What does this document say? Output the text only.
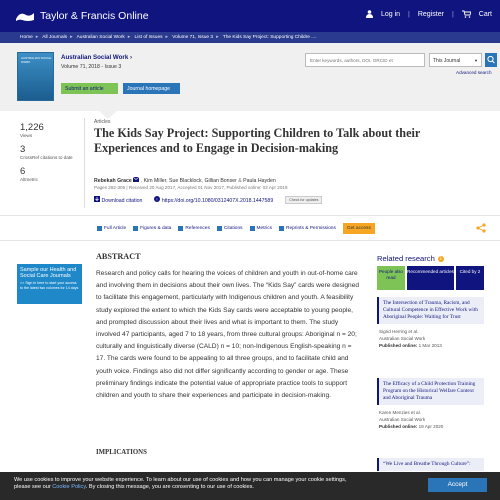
Taylor & Francis Online	Log in | Register |	Cart
Home ▸ All Journals ▸ Australian Social Work ▸ List of Issues ▸ Volume 71, Issue 3 ▸ The Kids Say Project: Supporting Childre ....
AUSTRALIAN SOCIAL WORK
Australian Social Work ›
Volume 71, 2018 - Issue 3
Submit an article	Journal homepage
Enter keywords, authors, DOI, ORCID et
This Journal	▼
Advanced search
1,226
Views
3
CrossRef citations to date
6
Altmetric
Articles
The Kids Say Project: Supporting Children to Talk about their Experiences and to Engage in Decision-making
Rebekah Grace , Kim Miller, Sue Blacklock, Gillian Bonser & Paula Hayden
Pages 282-305 | Received 20 Aug 2017, Accepted 01 Nov 2017, Published online: 02 Apr 2018
Download citation	i https://doi.org/10.1080/0312407X.2018.1447589	Check for updates
Full Article	Figures & data	References	Citations	Metrics	Reprints & Permissions	Get access
Sample our Health and Social Care Journals
>> Sign in here to start your access to the latest two volumes for 14 days
ABSTRACT
Research and policy calls for hearing the voices of children and youth in out-of-home care and involving them in decisions about their own lives. The “Kids Say” cards were designed to facilitate this engagement, particularly with Indigenous children and youth. A feasibility study explored the extent to which the Kids Say cards were acceptable to young people, and prompted discussion about their lives and what is important to them. The study involved 47 participants, aged 7 to 18 years, from three cultural groups: Aboriginal n = 20; culturally and linguistically diverse (CALD) n = 10; non-Indigenous English-speaking n = 17. The cards were found to be appealing to all three groups, and to facilitate child and youth voice. Findings also did not differ significantly according to gender or age. These preliminary findings indicate the potential value of appropriate practice tools to support children and youth to share their experiences and participate in decision-making.
IMPLICATIONS
Related research	i
People also read
Recommended articles	Cited by 2
The Intersection of Trauma, Racism, and Cultural Competence in Effective Work with Aboriginal People: Waiting for Trust
Sigrid Herring et al.
Australian Social Work
Published online: 1 Mar 2013
The Efficacy of a Child Protection Training Program on the Historical Welfare Context and Aboriginal Trauma
Karen Menzies et al.
Australian Social Work
Published online: 19 Apr 2020
“We Live and Breathe Through Culture”:
We use cookies to improve your website experience. To learn about our use of cookies and how you can manage your cookie settings,
please see our Cookie Policy. By closing this message, you are consenting to our use of cookies.	Accept
